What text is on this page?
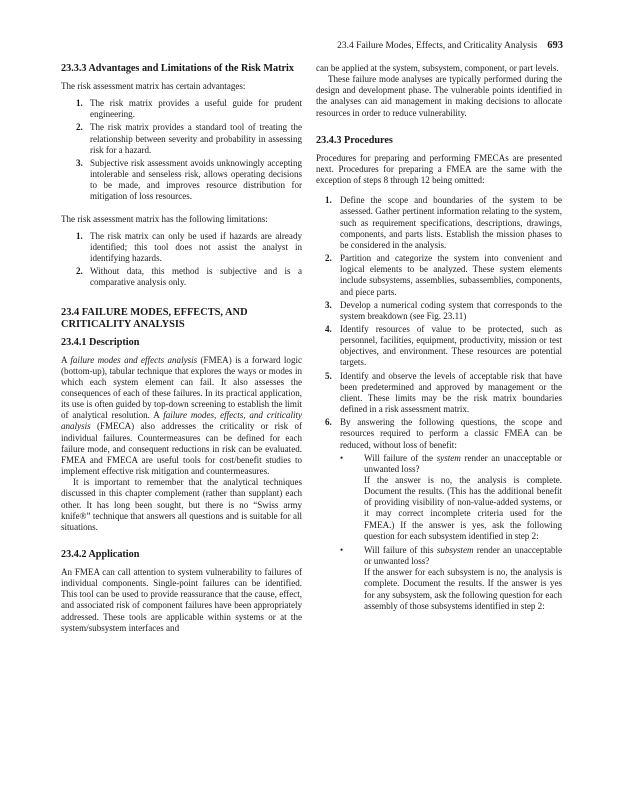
23.4 Failure Modes, Effects, and Criticality Analysis 693
23.3.3 Advantages and Limitations of the Risk Matrix

The risk assessment matrix has certain advantages:

1. The risk matrix provides a useful guide for prudent engineering.
2. The risk matrix provides a standard tool of treating the relationship between severity and probability in assessing risk for a hazard.
3. Subjective risk assessment avoids unknowingly accepting intolerable and senseless risk, allows operating decisions to be made, and improves resource distribution for mitigation of loss resources.

The risk assessment matrix has the following limitations:

1. The risk matrix can only be used if hazards are already identified; this tool does not assist the analyst in identifying hazards.
2. Without data, this method is subjective and is a comparative analysis only.
23.4 FAILURE MODES, EFFECTS, AND CRITICALITY ANALYSIS
23.4.1 Description

A failure modes and effects analysis (FMEA) is a forward logic (bottom-up), tabular technique that explores the ways or modes in which each system element can fail. It also assesses the consequences of each of these failures. In its practical application, its use is often guided by top-down screening to establish the limit of analytical resolution. A failure modes, effects, and criticality analysis (FMECA) also addresses the criticality or risk of individual failures. Countermeasures can be defined for each failure mode, and consequent reductions in risk can be evaluated. FMEA and FMECA are useful tools for cost/benefit studies to implement effective risk mitigation and countermeasures.

It is important to remember that the analytical techniques discussed in this chapter complement (rather than supplant) each other. It has long been sought, but there is no “Swiss army knife®” technique that answers all questions and is suitable for all situations.

23.4.2 Application

An FMEA can call attention to system vulnerability to failures of individual components. Single-point failures can be identified. This tool can be used to provide reassurance that the cause, effect, and associated risk of component failures have been appropriately addressed. These tools are applicable within systems or at the system/subsystem interfaces and

can be applied at the system, subsystem, component, or part levels.

These failure mode analyses are typically performed during the design and development phase. The vulnerable points identified in the analyses can aid management in making decisions to allocate resources in order to reduce vulnerability.

23.4.3 Procedures

Procedures for preparing and performing FMECAs are presented next. Procedures for preparing a FMEA are the same with the exception of steps 8 through 12 being omitted:

1. Define the scope and boundaries of the system to be assessed. Gather pertinent information relating to the system, such as requirement specifications, descriptions, drawings, components, and parts lists. Establish the mission phases to be considered in the analysis.
2. Partition and categorize the system into convenient and logical elements to be analyzed. These system elements include subsystems, assemblies, subassemblies, components, and piece parts.
3. Develop a numerical coding system that corresponds to the system breakdown (see Fig. 23.11)
4. Identify resources of value to be protected, such as personnel, facilities, equipment, productivity, mission or test objectives, and environment. These resources are potential targets.
5. Identify and observe the levels of acceptable risk that have been predetermined and approved by management or the client. These limits may be the risk matrix boundaries defined in a risk assessment matrix.
6. By answering the following questions, the scope and resources required to perform a classic FMEA can be reduced, without loss of benefit:
• Will failure of the system render an unacceptable or unwanted loss?
If the answer is no, the analysis is complete. Document the results. (This has the additional benefit of providing visibility of non-value-added systems, or it may correct incomplete criteria used for the FMEA.) If the answer is yes, ask the following question for each subsystem identified in step 2:
• Will failure of this subsystem render an unacceptable or unwanted loss?
If the answer for each subsystem is no, the analysis is complete. Document the results. If the answer is yes for any subsystem, ask the following question for each assembly of those subsystems identified in step 2:
